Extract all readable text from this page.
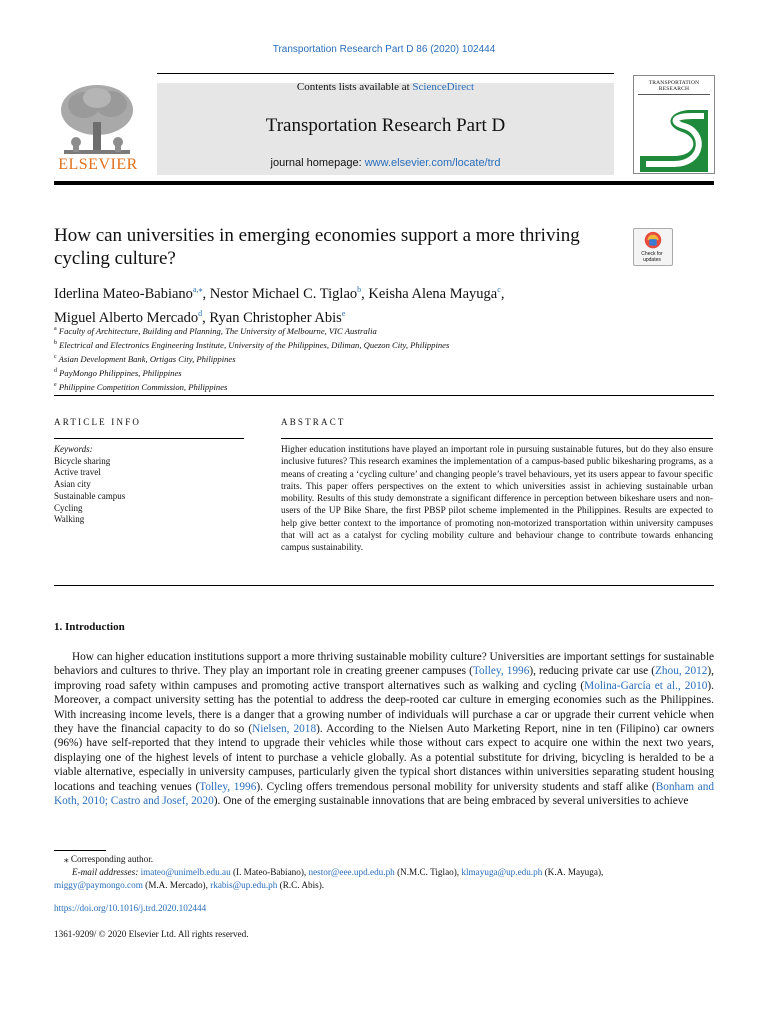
Transportation Research Part D 86 (2020) 102444
ELSEVIER
Contents lists available at ScienceDirect
Transportation Research Part D
journal homepage: www.elsevier.com/locate/trd
TRANSPORTATION RESEARCH
How can universities in emerging economies support a more thriving cycling culture?	Check for updates
Iderlina Mateo-Babiano$^{a,⁎}$, Nestor Michael C. Tiglao$^b$, Keisha Alena Mayuga$^c$,
Miguel Alberto Mercado$^d$, Ryan Christopher Abis$^e$
$^a$ Faculty of Architecture, Building and Planning, The University of Melbourne, VIC Australia
$^b$ Electrical and Electronics Engineering Institute, University of the Philippines, Diliman, Quezon City, Philippines
$^c$ Asian Development Bank, Ortigas City, Philippines
$^d$ PayMongo Philippines, Philippines
$^e$ Philippine Competition Commission, Philippines
ARTICLE INFO
Keywords:
Bicycle sharing
Active travel
Asian city
Sustainable campus
Cycling
Walking
ABSTRACT
Higher education institutions have played an important role in pursuing sustainable futures, but do they also ensure inclusive futures? This research examines the implementation of a campus-based public bikesharing programs, as a means of creating a ‘cycling culture’ and changing people’s travel behaviours, yet its users appear to favour specific traits. This paper offers perspectives on the extent to which universities assist in achieving sustainable urban mobility. Results of this study demonstrate a significant difference in perception between bikeshare users and non-users of the UP Bike Share, the first PBSP pilot scheme implemented in the Philippines. Results are expected to help give better context to the importance of promoting non-motorized transportation within university campuses that will act as a catalyst for cycling mobility culture and behaviour change to contribute towards enhancing campus sustainability.
1. Introduction
How can higher education institutions support a more thriving sustainable mobility culture? Universities are important settings for sustainable behaviors and cultures to thrive. They play an important role in creating greener campuses (Tolley, 1996), reducing private car use (Zhou, 2012), improving road safety within campuses and promoting active transport alternatives such as walking and cycling (Molina-García et al., 2010). Moreover, a compact university setting has the potential to address the deep-rooted car culture in emerging economies such as the Philippines. With increasing income levels, there is a danger that a growing number of individuals will purchase a car or upgrade their current vehicle when they have the financial capacity to do so (Nielsen, 2018). According to the Nielsen Auto Marketing Report, nine in ten (Filipino) car owners (96%) have self-reported that they intend to upgrade their vehicles while those without cars expect to acquire one within the next two years, displaying one of the highest levels of intent to purchase a vehicle globally. As a potential substitute for driving, bicycling is heralded to be a viable alternative, especially in university campuses, particularly given the typical short distances within universities separating student housing locations and teaching venues (Tolley, 1996). Cycling offers tremendous personal mobility for university students and staff alike (Bonham and Koth, 2010; Castro and Josef, 2020). One of the emerging sustainable innovations that are being embraced by several universities to achieve
⁎ Corresponding author.
E-mail addresses: imateo@unimelb.edu.au (I. Mateo-Babiano), nestor@eee.upd.edu.ph (N.M.C. Tiglao), klmayuga@up.edu.ph (K.A. Mayuga),
miggy@paymongo.com (M.A. Mercado), rkabis@up.edu.ph (R.C. Abis).
https://doi.org/10.1016/j.trd.2020.102444
1361-9209/ © 2020 Elsevier Ltd. All rights reserved.
